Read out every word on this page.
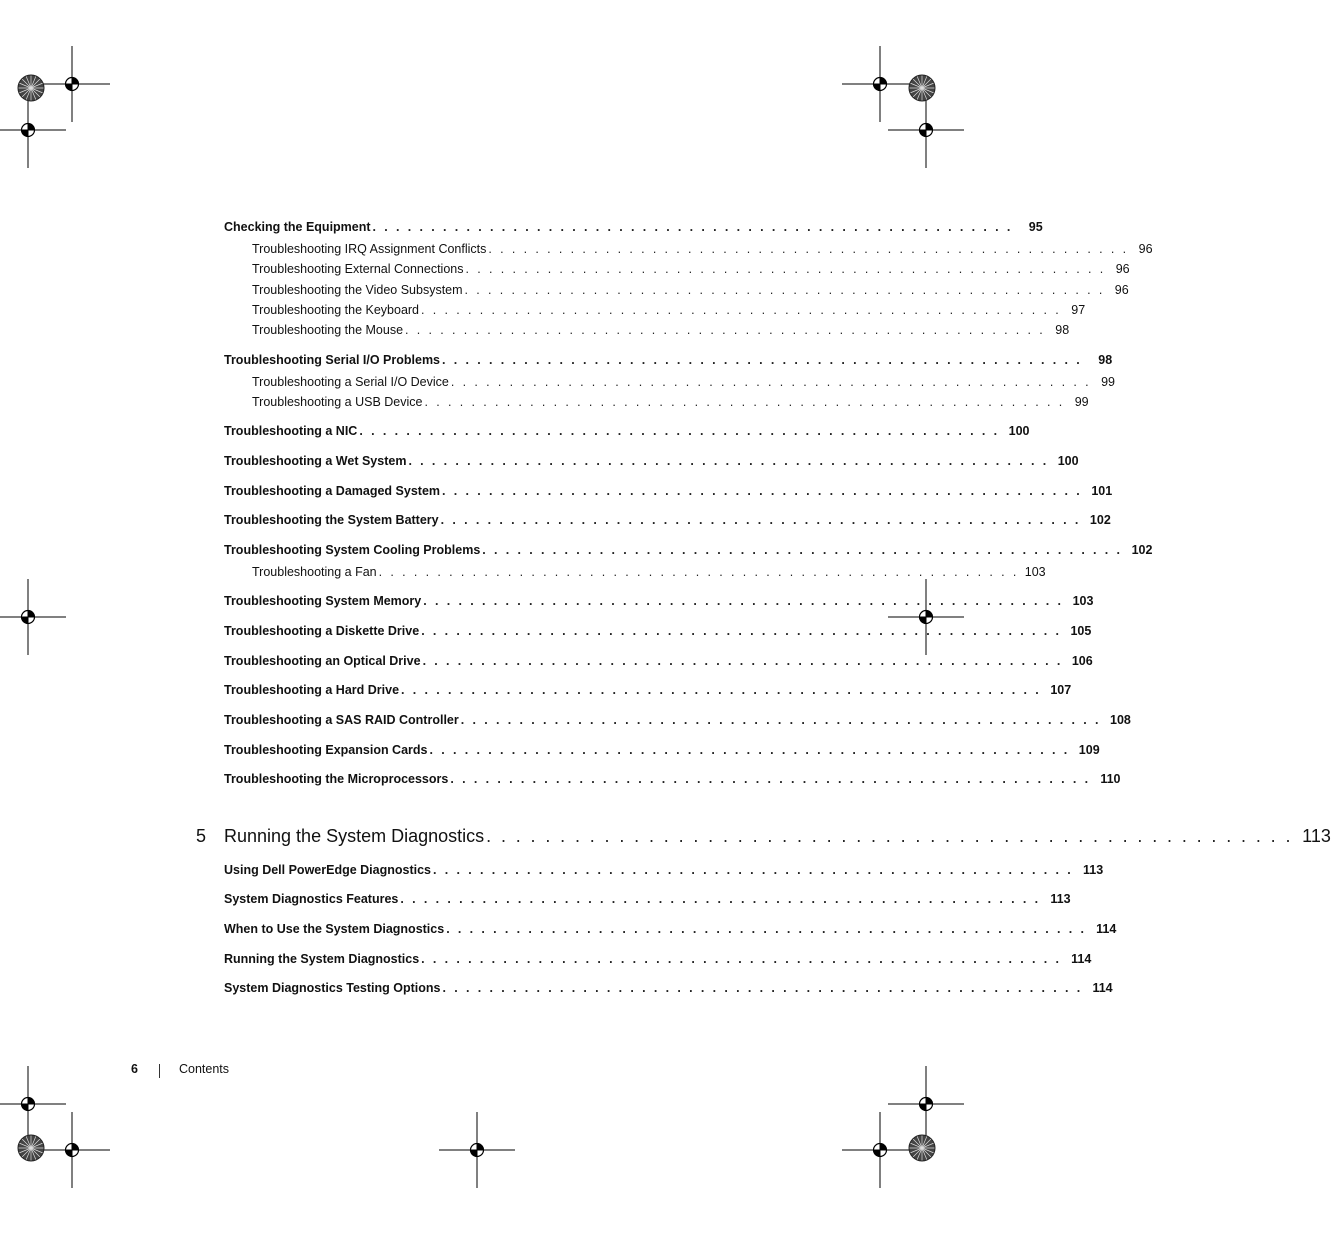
Checking the Equipment . . . . . . . . . . . . . . . . . . . . . . . . . . . . . . . . . . . . . . . . . . . . . . . . . . . . . . .	95
Troubleshooting IRQ Assignment Conflicts . . . . . . . . . . . . . . . . . . . . . . . . . . . . . . . . . . . . . . . . . . . . . . . . . . . . . . . 96
Troubleshooting External Connections . . . . . . . . . . . . . . . . . . . . . . . . . . . . . . . . . . . . . . . . . . . . . . . . . . . . . . . 96
Troubleshooting the Video Subsystem . . . . . . . . . . . . . . . . . . . . . . . . . . . . . . . . . . . . . . . . . . . . . . . . . . . . . . . 96
Troubleshooting the Keyboard . . . . . . . . . . . . . . . . . . . . . . . . . . . . . . . . . . . . . . . . . . . . . . . . . . . . . . . 97
Troubleshooting the Mouse . . . . . . . . . . . . . . . . . . . . . . . . . . . . . . . . . . . . . . . . . . . . . . . . . . . . . . . 98
Troubleshooting Serial I/O Problems . . . . . . . . . . . . . . . . . . . . . . . . . . . . . . . . . . . . . . . . . . . . . . . . . . . . . . .	98
Troubleshooting a Serial I/O Device . . . . . . . . . . . . . . . . . . . . . . . . . . . . . . . . . . . . . . . . . . . . . . . . . . . . . . . 99
Troubleshooting a USB Device . . . . . . . . . . . . . . . . . . . . . . . . . . . . . . . . . . . . . . . . . . . . . . . . . . . . . . . 99
Troubleshooting a NIC . . . . . . . . . . . . . . . . . . . . . . . . . . . . . . . . . . . . . . . . . . . . . . . . . . . . . . . 100
Troubleshooting a Wet System . . . . . . . . . . . . . . . . . . . . . . . . . . . . . . . . . . . . . . . . . . . . . . . . . . . . . . . 100
Troubleshooting a Damaged System . . . . . . . . . . . . . . . . . . . . . . . . . . . . . . . . . . . . . . . . . . . . . . . . . . . . . . . 101
Troubleshooting the System Battery . . . . . . . . . . . . . . . . . . . . . . . . . . . . . . . . . . . . . . . . . . . . . . . . . . . . . . . 102
Troubleshooting System Cooling Problems . . . . . . . . . . . . . . . . . . . . . . . . . . . . . . . . . . . . . . . . . . . . . . . . . . . . . . . 102
Troubleshooting a Fan . . . . . . . . . . . . . . . . . . . . . . . . . . . . . . . . . . . . . . . . . . . . . . . . . . . . . . . 103
Troubleshooting System Memory . . . . . . . . . . . . . . . . . . . . . . . . . . . . . . . . . . . . . . . . . . . . . . . . . . . . . . . 103
Troubleshooting a Diskette Drive . . . . . . . . . . . . . . . . . . . . . . . . . . . . . . . . . . . . . . . . . . . . . . . . . . . . . . . 105
Troubleshooting an Optical Drive . . . . . . . . . . . . . . . . . . . . . . . . . . . . . . . . . . . . . . . . . . . . . . . . . . . . . . . 106
Troubleshooting a Hard Drive . . . . . . . . . . . . . . . . . . . . . . . . . . . . . . . . . . . . . . . . . . . . . . . . . . . . . . . 107
Troubleshooting a SAS RAID Controller . . . . . . . . . . . . . . . . . . . . . . . . . . . . . . . . . . . . . . . . . . . . . . . . . . . . . . . 108
Troubleshooting Expansion Cards . . . . . . . . . . . . . . . . . . . . . . . . . . . . . . . . . . . . . . . . . . . . . . . . . . . . . . . 109
Troubleshooting the Microprocessors . . . . . . . . . . . . . . . . . . . . . . . . . . . . . . . . . . . . . . . . . . . . . . . . . . . . . . . 110
5 Running the System Diagnostics . . . . . . . . . . . . . . . . . . . . . . . . . . . . . . . . . . . . . . . . . . . . . . . . . . . . . . . 113
Using Dell PowerEdge Diagnostics . . . . . . . . . . . . . . . . . . . . . . . . . . . . . . . . . . . . . . . . . . . . . . . . . . . . . . . 113
System Diagnostics Features . . . . . . . . . . . . . . . . . . . . . . . . . . . . . . . . . . . . . . . . . . . . . . . . . . . . . . . 113
When to Use the System Diagnostics . . . . . . . . . . . . . . . . . . . . . . . . . . . . . . . . . . . . . . . . . . . . . . . . . . . . . . . 114
Running the System Diagnostics . . . . . . . . . . . . . . . . . . . . . . . . . . . . . . . . . . . . . . . . . . . . . . . . . . . . . . . 114
System Diagnostics Testing Options . . . . . . . . . . . . . . . . . . . . . . . . . . . . . . . . . . . . . . . . . . . . . . . . . . . . . . . 114
6	Contents
